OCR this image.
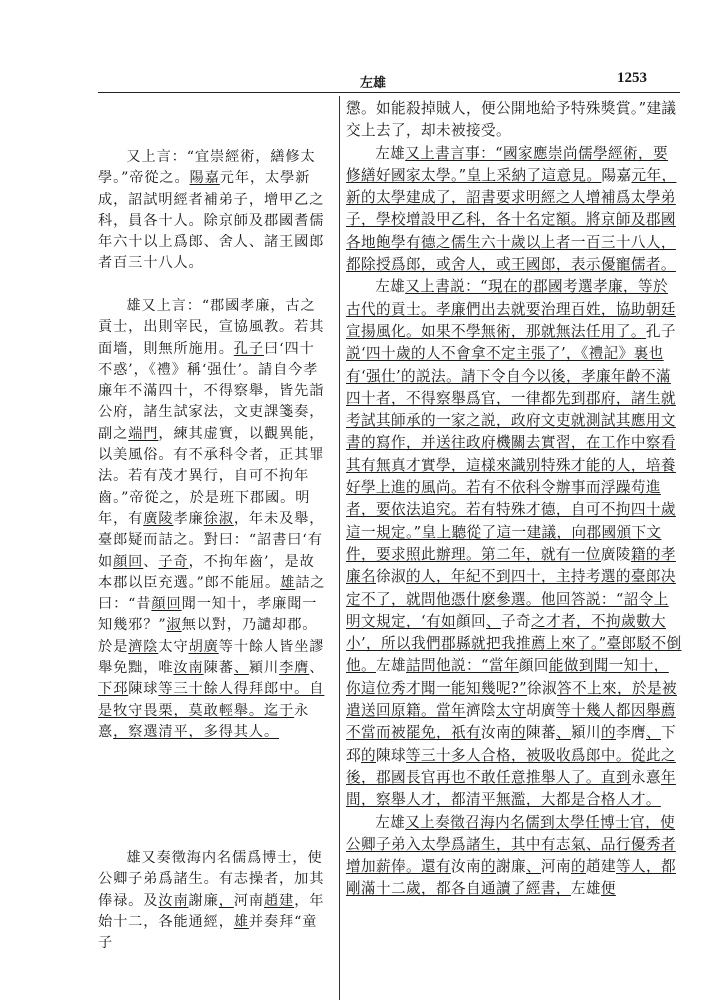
左雄	1253

又上言：“宜崇經術，繕修太學。”帝從之。陽嘉元年，太學新成，詔試明經者補弟子，增甲乙之科，員各十人。除京師及郡國耆儒年六十以上爲郎、舍人、諸王國郎者百三十八人。

雄又上言：“郡國孝廉，古之貢士，出則宰民，宣協風教。若其面墻，則無所施用。孔子曰‘四十不惑’，《禮》稱‘强仕’。請自今孝廉年不滿四十，不得察舉，皆先詣公府，諸生試家法，文吏課箋奏，副之端門，練其虚實，以觀異能，以美風俗。有不承科令者，正其罪法。若有茂才異行，自可不拘年齒。”帝從之，於是班下郡國。明年，有廣陵孝廉徐淑，年未及舉，臺郎疑而詰之。對曰：“詔書曰‘有如顔回、子奇，不拘年齒’，是故本郡以臣充選。”郎不能屈。雄詰之曰：“昔顔回聞一知十，孝廉聞一知幾邪？”淑無以對，乃譴却郡。於是濟陰太守胡廣等十餘人皆坐謬舉免黜，唯汝南陳蕃、潁川李膺、下邳陳球等三十餘人得拜郎中。自是牧守畏栗，莫敢輕舉。迄于永憙，察選清平，多得其人。

雄又奏徵海内名儒爲博士，使公卿子弟爲諸生。有志操者，加其俸禄。及汝南謝廉，河南趙建，年始十二，各能通經，雄并奏拜“童子

懲。如能殺掉賊人，便公開地給予特殊獎賞。”建議交上去了，却未被接受。

左雄又上書言事：“國家應崇尚儒學經術，要修繕好國家太學。”皇上采納了這意見。陽嘉元年，新的太學建成了，詔書要求明經之人增補爲太學弟子，學校增設甲乙科，各十名定額。將京師及郡國各地飽學有德之儒生六十歲以上者一百三十八人，都除授爲郎，或舍人，或王國郎，表示優寵儒者。

左雄又上書説：“現在的郡國考選孝廉，等於古代的貢士。孝廉們出去就要治理百姓，協助朝廷宣揚風化。如果不學無術，那就無法任用了。孔子説‘四十歲的人不會拿不定主張了’，《禮記》裏也有‘强仕’的説法。請下令自今以後，孝廉年齡不滿四十者，不得察舉爲官，一律都先到郡府，諸生就考試其師承的一家之説，政府文吏就測試其應用文書的寫作，并送往政府機關去實習，在工作中察看其有無真才實學，這樣來識别特殊才能的人，培養好學上進的風尚。若有不依科令辦事而浮躁苟進者，要依法追究。若有特殊才德，自可不拘四十歲這一規定。”皇上聽從了這一建議，向郡國頒下文件，要求照此辦理。第二年，就有一位廣陵籍的孝廉名徐淑的人，年紀不到四十，主持考選的臺郎决定不了，就問他憑什麽參選。他回答説：“詔令上明文規定，‘有如顔回、子奇之才者，不拘歲數大小’，所以我們郡縣就把我推薦上來了。”臺郎駁不倒他。左雄詰問他説：“當年顔回能做到聞一知十，你這位秀才聞一能知幾呢?”徐淑答不上來，於是被遣送回原籍。當年濟陰太守胡廣等十幾人都因舉薦不當而被罷免，祇有汝南的陳蕃、潁川的李膺、下邳的陳球等三十多人合格，被吸收爲郎中。從此之後，郡國長官再也不敢任意推舉人了。直到永憙年間，察舉人才，都清平無濫，大都是合格人才。

左雄又上奏徵召海内名儒到太學任博士官，使公卿子弟入太學爲諸生，其中有志氣、品行優秀者增加薪俸。還有汝南的謝廉、河南的趙建等人，都剛滿十二歲，都各自通讀了經書，左雄便
